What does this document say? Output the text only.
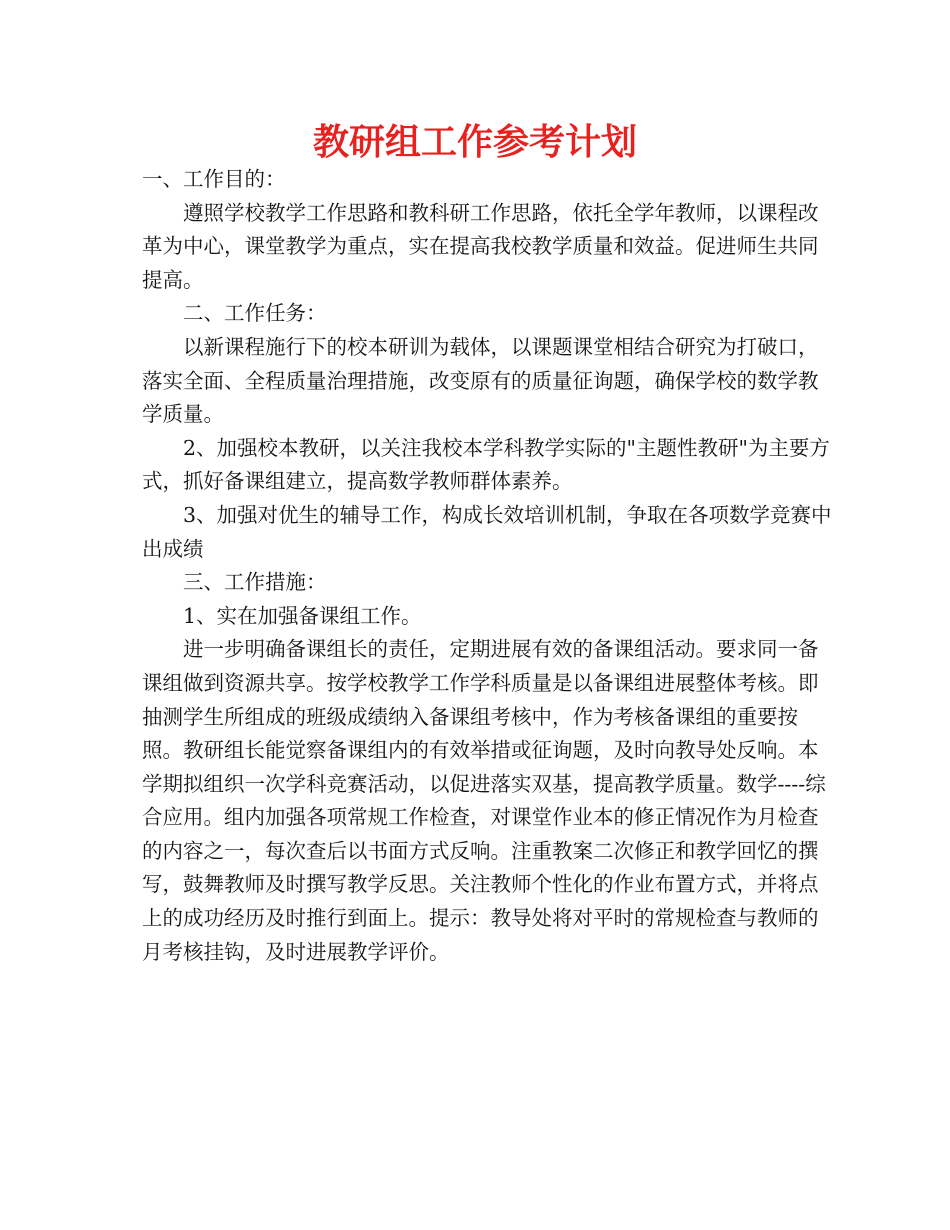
教研组工作参考计划

一、工作目的：

遵照学校教学工作思路和教科研工作思路，依托全学年教师，以课程改革为中心，课堂教学为重点，实在提高我校教学质量和效益。促进师生共同提高。

二、工作任务：

以新课程施行下的校本研训为载体，以课题课堂相结合研究为打破口，落实全面、全程质量治理措施，改变原有的质量征询题，确保学校的数学教学质量。

2、加强校本教研，以关注我校本学科教学实际的"主题性教研"为主要方式，抓好备课组建立，提高数学教师群体素养。

3、加强对优生的辅导工作，构成长效培训机制，争取在各项数学竞赛中出成绩

三、工作措施：

1、实在加强备课组工作。

进一步明确备课组长的责任，定期进展有效的备课组活动。要求同一备课组做到资源共享。按学校教学工作学科质量是以备课组进展整体考核。即抽测学生所组成的班级成绩纳入备课组考核中，作为考核备课组的重要按照。教研组长能觉察备课组内的有效举措或征询题，及时向教导处反响。本学期拟组织一次学科竞赛活动，以促进落实双基，提高教学质量。数学----综合应用。组内加强各项常规工作检查，对课堂作业本的修正情况作为月检查的内容之一，每次查后以书面方式反响。注重教案二次修正和教学回忆的撰写，鼓舞教师及时撰写教学反思。关注教师个性化的作业布置方式，并将点上的成功经历及时推行到面上。提示：教导处将对平时的常规检查与教师的月考核挂钩，及时进展教学评价。
